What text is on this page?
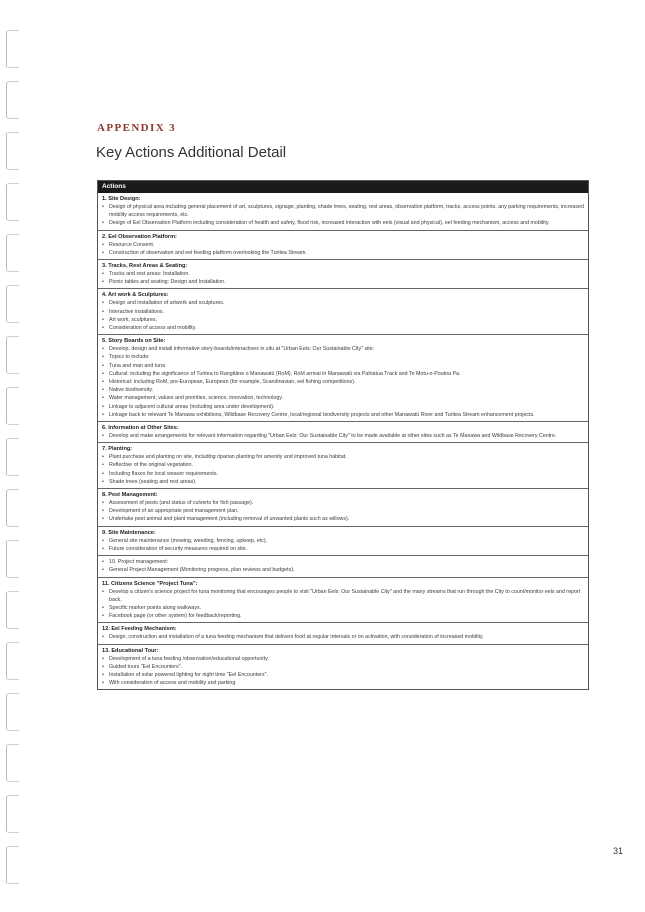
APPENDIX 3
Key Actions Additional Detail
Actions
1. Site Design:
• Design of physical area including general placement of art, sculptures, signage, planting, shade trees, seating, rest areas, observation platform, tracks, access points, any parking requirements, increased mobility access requirements, etc.
• Design of Eel Observation Platform including consideration of health and safety, flood risk, increased interaction with eels (visual and physical), eel feeding mechanism, access and mobility.
2. Eel Observation Platform:
• Resource Consent.
• Construction of observation and eel feeding platform overlooking the Turitea Stream.
3. Tracks, Rest Areas & Seating:
• Tracks and rest areas: Installation.
• Picnic tables and seating: Design and Installation.
4. Art work & Sculptures:
• Design and installation of artwork and sculptures.
• Interactive installations.
• Art work, sculptures.
• Consideration of access and mobility.
5. Story Boards on Site:
• Develop, design and install informative story-boards/interactives in situ at "Urban Eels: Our Sustainable City" site.
• Topics to include:
• Tuna and man and tuna
• Cultural: including the significance of Turitea to Rangitāne o Manawatū (RoM), RoM arrival in Manawatū via Pahiatua Track and Te Motu-o-Poutoa Pa.
• Historical: including RoM, pre-European, European (for example, Scandinavian, eel fishing competitions).
• Native biodiversity.
• Water management, values and priorities, science, innovation, technology.
• Linkage to adjacent cultural areas (including area under development).
• Linkage back to relevant Te Manawa exhibitions, Wildbase Recovery Centre, local/regional biodiversity projects and other Manawatū River and Turitea Stream enhancement projects.
6. Information at Other Sites:
• Develop and make arrangements for relevant information regarding "Urban Eels: Our Sustainable City" to be made available at other sites such as Te Manawa and Wildbase Recovery Centre.
7. Planting:
• Plant purchase and planting on site, including riparian planting for amenity and improved tuna habitat.
• Reflective of the original vegetation.
• Including flaxes for local weaver requirements.
• Shade trees (seating and rest areas).
8. Pest Management:
• Assessment of pests (and status of culverts for fish passage).
• Development of an appropriate pest management plan.
• Undertake pest animal and plant management (including removal of unwanted plants such as willows).
9. Site Maintenance:
• General site maintenance (mowing, weeding, fencing, upkeep, etc).
• Future consideration of security measures required on site.
• 10. Project management:
• General Project Management (Monitoring progress, plan reviews and budgets).
11. Citizens Science "Project Tuna":
• Develop a citizen's science project for tuna monitoring that encourages people to visit "Urban Eels: Our Sustainable City" and the many streams that run through the City to count/monitor eels and report back.
• Specific marker points along walkways.
• Facebook page (or other system) for feedback/reporting.
12. Eel Feeding Mechanism:
• Design, construction and installation of a tuna feeding mechanism that delivers food at regular intervals or on activation, with consideration of increased mobility.
13. Educational Tour:
• Development of a tuna feeding /observation/educational opportunity.
• Guided tours "Eel Encounters".
• Installation of solar powered lighting for night time "Eel Encounters".
• With consideration of access and mobility and parking.
31
